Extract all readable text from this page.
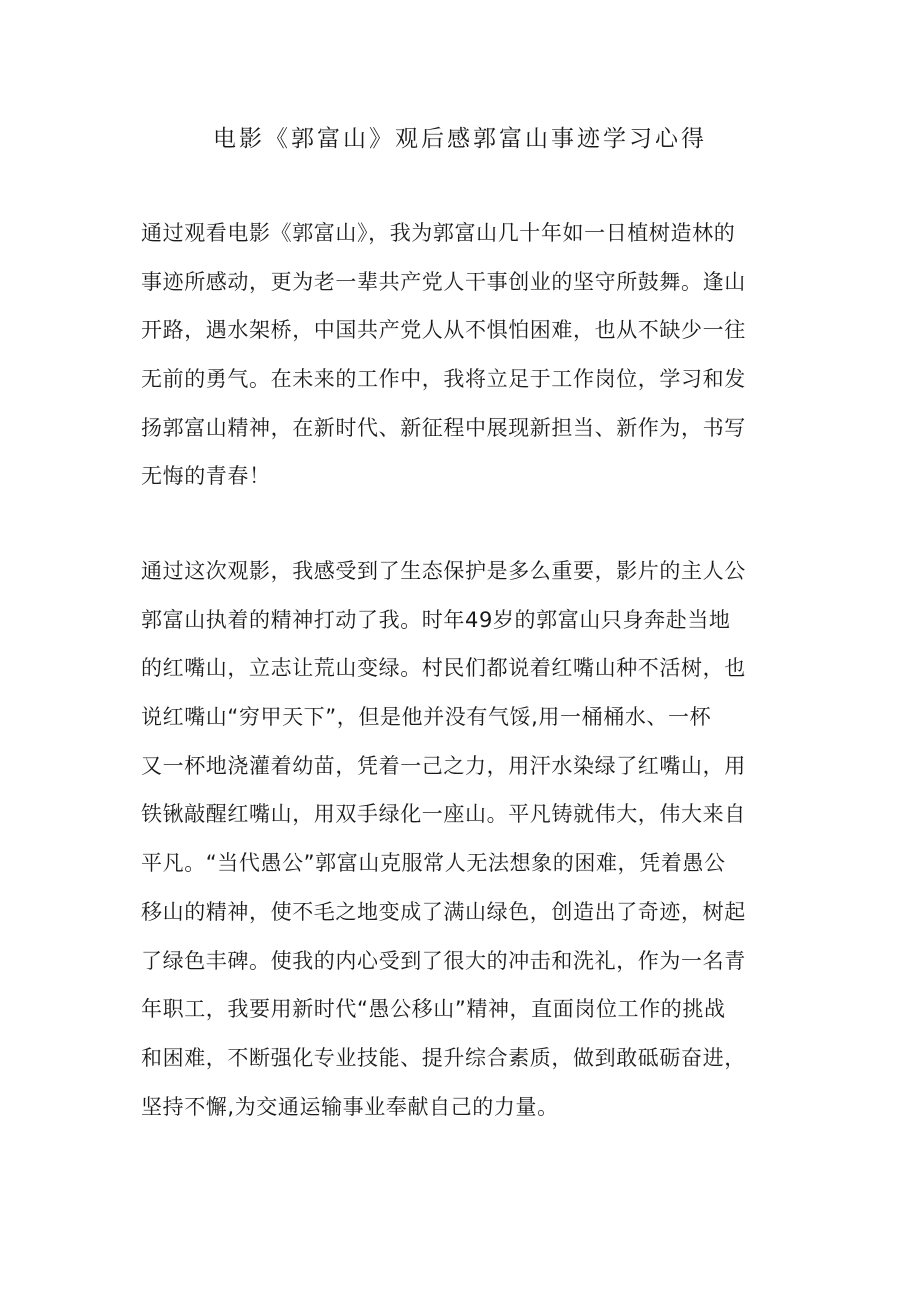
电影《郭富山》观后感郭富山事迹学习心得
通过观看电影《郭富山》，我为郭富山几十年如一日植树造林的
事迹所感动，更为老一辈共产党人干事创业的坚守所鼓舞。逢山
开路，遇水架桥，中国共产党人从不惧怕困难，也从不缺少一往
无前的勇气。在未来的工作中，我将立足于工作岗位，学习和发
扬郭富山精神，在新时代、新征程中展现新担当、新作为，书写
无悔的青春！
通过这次观影，我感受到了生态保护是多么重要，影片的主人公
郭富山执着的精神打动了我。时年49岁的郭富山只身奔赴当地
的红嘴山，立志让荒山变绿。村民们都说着红嘴山种不活树，也
说红嘴山“穷甲天下”，但是他并没有气馁,用一桶桶水、一杯
又一杯地浇灌着幼苗，凭着一己之力，用汗水染绿了红嘴山，用
铁锹敲醒红嘴山，用双手绿化一座山。平凡铸就伟大，伟大来自
平凡。“当代愚公”郭富山克服常人无法想象的困难，凭着愚公
移山的精神，使不毛之地变成了满山绿色，创造出了奇迹，树起
了绿色丰碑。使我的内心受到了很大的冲击和洗礼，作为一名青
年职工，我要用新时代“愚公移山”精神，直面岗位工作的挑战
和困难，不断强化专业技能、提升综合素质，做到敢砥砺奋进，
坚持不懈,为交通运输事业奉献自己的力量。
